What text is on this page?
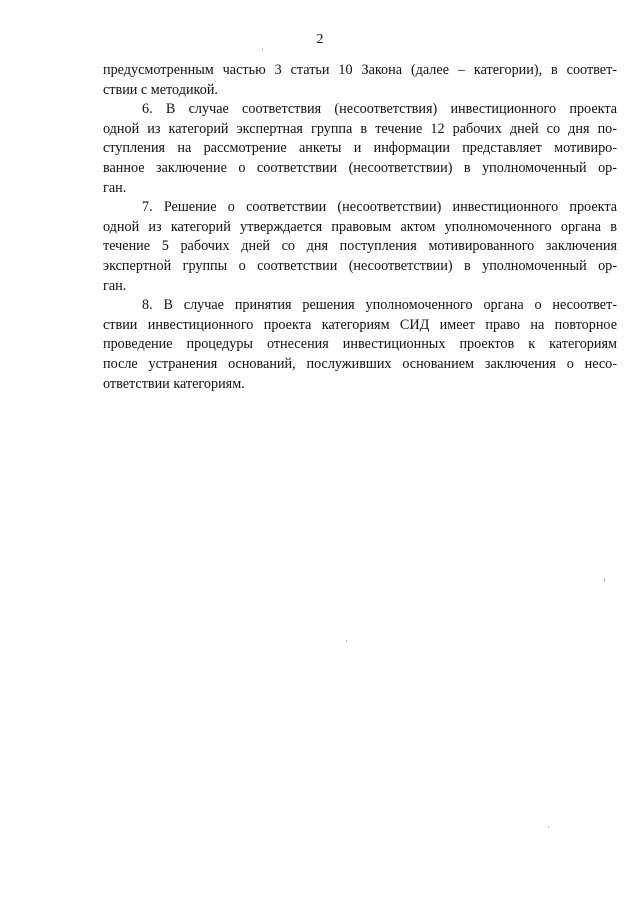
2
предусмотренным частью 3 статьи 10 Закона (далее – категории), в соответ-
ствии с методикой.
6. В случае соответствия (несоответствия) инвестиционного проекта
одной из категорий экспертная группа в течение 12 рабочих дней со дня по-
ступления на рассмотрение анкеты и информации представляет мотивиро-
ванное заключение о соответствии (несоответствии) в уполномоченный ор-
ган.
7. Решение о соответствии (несоответствии) инвестиционного проекта
одной из категорий утверждается правовым актом уполномоченного органа в
течение 5 рабочих дней со дня поступления мотивированного заключения
экспертной группы о соответствии (несоответствии) в уполномоченный ор-
ган.
8. В случае принятия решения уполномоченного органа о несоответ-
ствии инвестиционного проекта категориям СИД имеет право на повторное
проведение процедуры отнесения инвестиционных проектов к категориям
после устранения оснований, послуживших основанием заключения о несо-
ответствии категориям.
